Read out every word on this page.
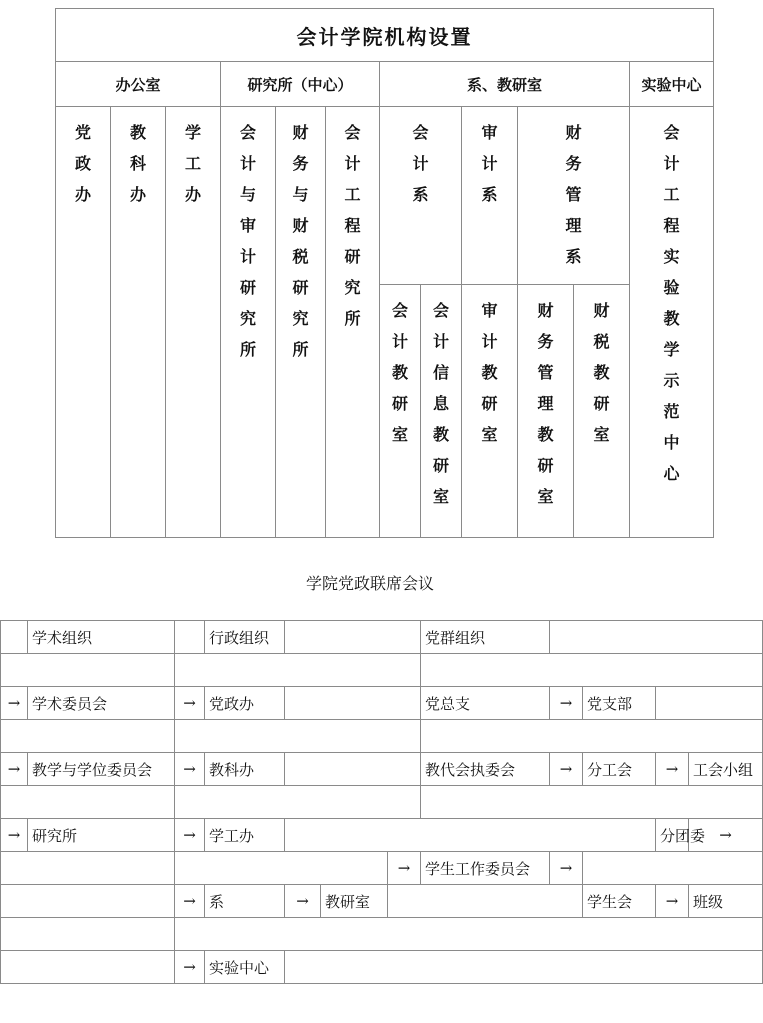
会计学院机构设置											
办公室			研究所（中心）			系、教研室					实验中心
党政办	教科办	学工办	会计与审计研究所	财务与财税研究所	会计工程研究所	会计系		审计系	财务管理系		会计工程实验教学示范中心
						会计教研室	会计信息教研室	审计教研室	财务管理教研室	财税教研室	
学院党政联席会议
	学术组织		行政组织				党群组织					

→	学术委员会	→	党政办				党总支	→	党支部			

→	教学与学位委员会	→	教科办				教代会执委会	→	分工会	→	工会小组	

→	研究所	→	学工办							分团委	→	
						→	学生工作委员会	→				
		→	系	→	教研室				学生会	→	班级	

		→	实验中心									
